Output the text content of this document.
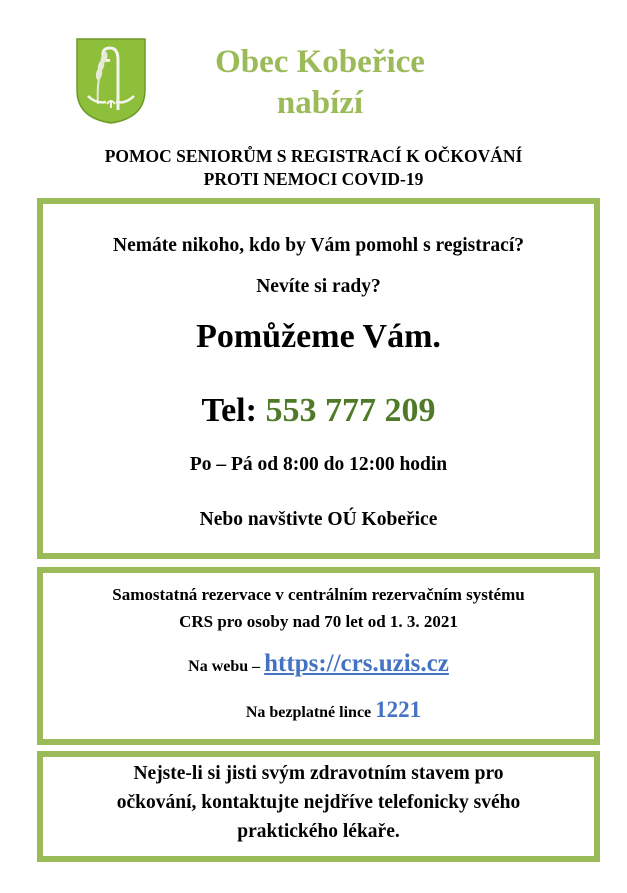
Obec Kobeřice
nabízí
POMOC SENIORŮM S REGISTRACÍ K OČKOVÁNÍ
PROTI NEMOCI COVID-19
Nemáte nikoho, kdo by Vám pomohl s registrací?
Nevíte si rady?
Pomůžeme Vám.
Tel: 553 777 209
Po – Pá od 8:00 do 12:00 hodin
Nebo navštivte OÚ Kobeřice
Samostatná rezervace v centrálním rezervačním systému
CRS pro osoby nad 70 let od 1. 3. 2021
Na webu – https://crs.uzis.cz
Na bezplatné lince 1221
Nejste-li si jisti svým zdravotním stavem pro
očkování, kontaktujte nejdříve telefonicky svého
praktického lékaře.
